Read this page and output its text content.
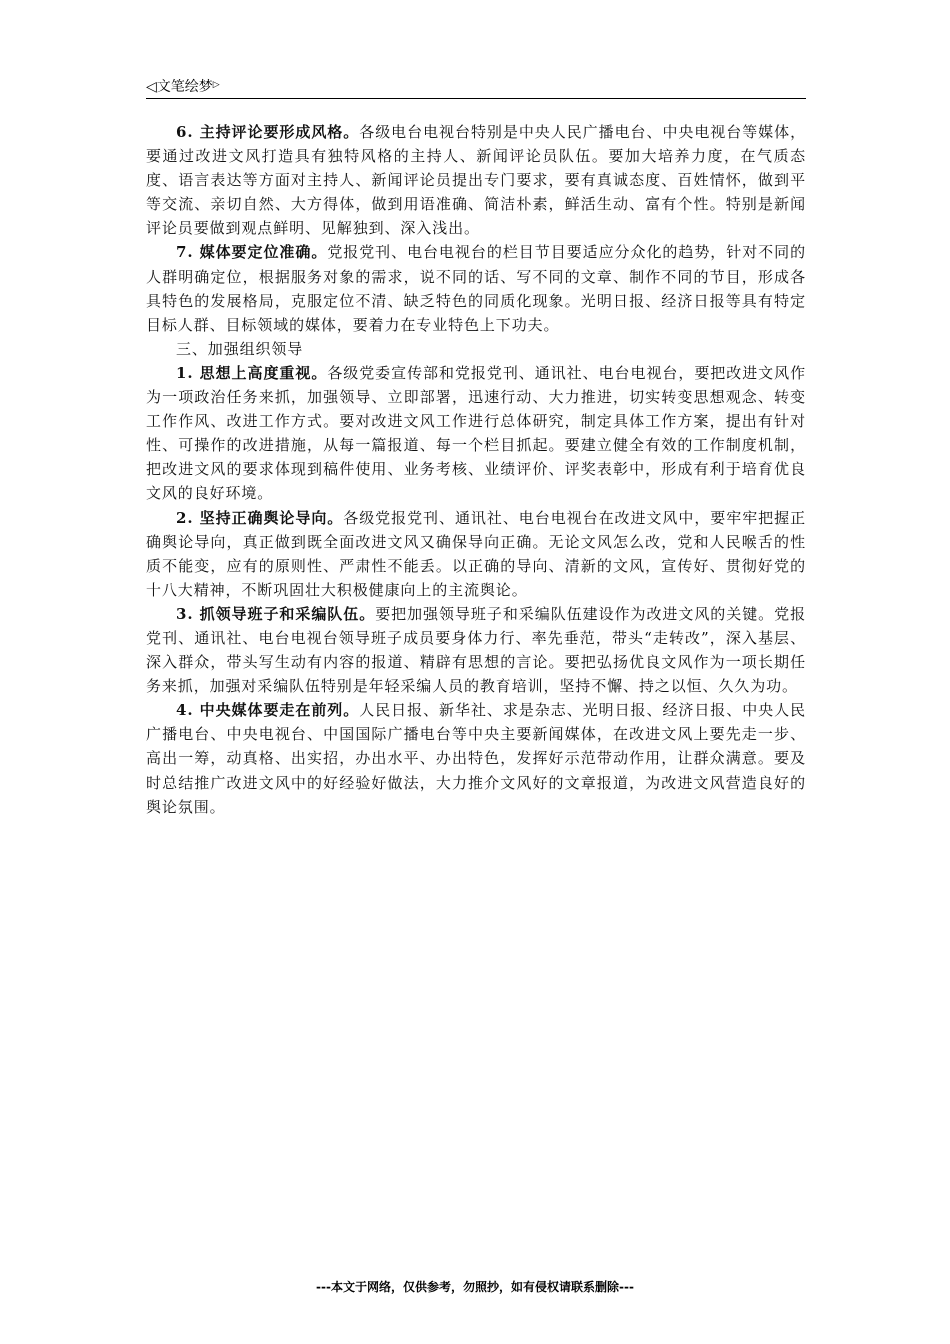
◁文笔绘梦▷

6. 主持评论要形成风格。各级电台电视台特别是中央人民广播电台、中央电视台等媒体，要通过改进文风打造具有独特风格的主持人、新闻评论员队伍。要加大培养力度，在气质态度、语言表达等方面对主持人、新闻评论员提出专门要求，要有真诚态度、百姓情怀，做到平等交流、亲切自然、大方得体，做到用语准确、简洁朴素，鲜活生动、富有个性。特别是新闻评论员要做到观点鲜明、见解独到、深入浅出。

7. 媒体要定位准确。党报党刊、电台电视台的栏目节目要适应分众化的趋势，针对不同的人群明确定位，根据服务对象的需求，说不同的话、写不同的文章、制作不同的节目，形成各具特色的发展格局，克服定位不清、缺乏特色的同质化现象。光明日报、经济日报等具有特定目标人群、目标领域的媒体，要着力在专业特色上下功夫。

三、加强组织领导

1. 思想上高度重视。各级党委宣传部和党报党刊、通讯社、电台电视台，要把改进文风作为一项政治任务来抓，加强领导、立即部署，迅速行动、大力推进，切实转变思想观念、转变工作作风、改进工作方式。要对改进文风工作进行总体研究，制定具体工作方案，提出有针对性、可操作的改进措施，从每一篇报道、每一个栏目抓起。要建立健全有效的工作制度机制，把改进文风的要求体现到稿件使用、业务考核、业绩评价、评奖表彰中，形成有利于培育优良文风的良好环境。

2. 坚持正确舆论导向。各级党报党刊、通讯社、电台电视台在改进文风中，要牢牢把握正确舆论导向，真正做到既全面改进文风又确保导向正确。无论文风怎么改，党和人民喉舌的性质不能变，应有的原则性、严肃性不能丢。以正确的导向、清新的文风，宣传好、贯彻好党的十八大精神，不断巩固壮大积极健康向上的主流舆论。

3. 抓领导班子和采编队伍。要把加强领导班子和采编队伍建设作为改进文风的关键。党报党刊、通讯社、电台电视台领导班子成员要身体力行、率先垂范，带头“走转改”，深入基层、深入群众，带头写生动有内容的报道、精辟有思想的言论。要把弘扬优良文风作为一项长期任务来抓，加强对采编队伍特别是年轻采编人员的教育培训，坚持不懈、持之以恒、久久为功。

4. 中央媒体要走在前列。人民日报、新华社、求是杂志、光明日报、经济日报、中央人民广播电台、中央电视台、中国国际广播电台等中央主要新闻媒体，在改进文风上要先走一步、高出一筹，动真格、出实招，办出水平、办出特色，发挥好示范带动作用，让群众满意。要及时总结推广改进文风中的好经验好做法，大力推介文风好的文章报道，为改进文风营造良好的舆论氛围。

---本文于网络，仅供参考，勿照抄，如有侵权请联系删除---
